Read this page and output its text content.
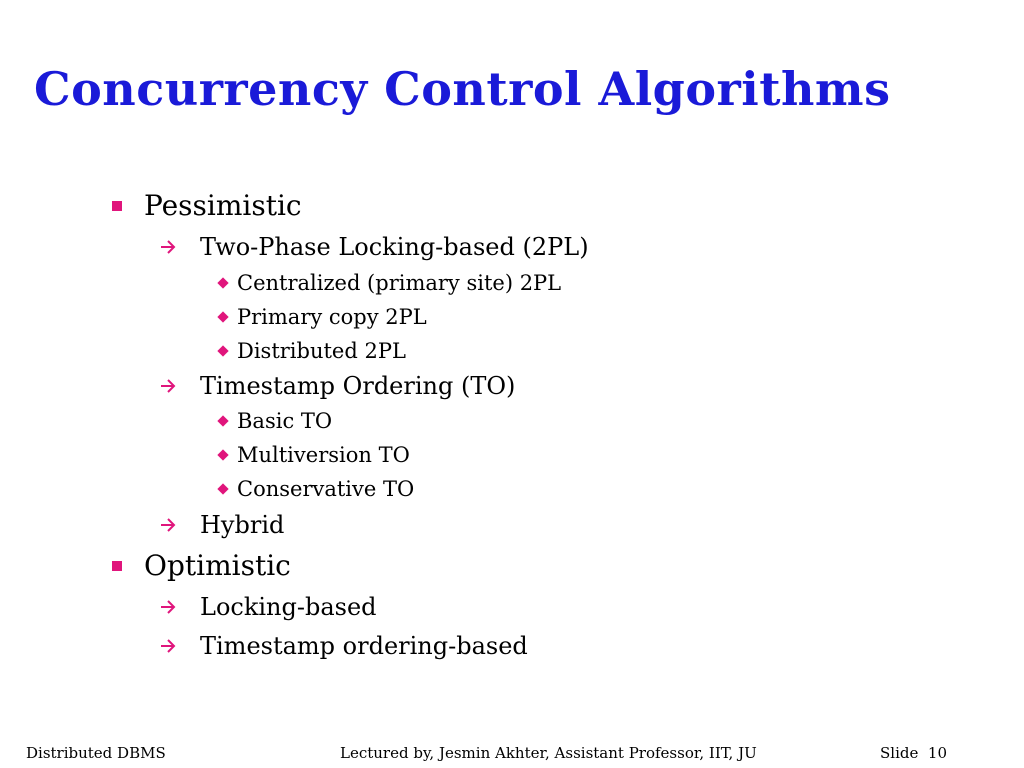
Concurrency Control Algorithms
Pessimistic
Two-Phase Locking-based (2PL)
Centralized (primary site) 2PL
Primary copy 2PL
Distributed 2PL
Timestamp Ordering (TO)
Basic TO
Multiversion TO
Conservative TO
Hybrid
Optimistic
Locking-based
Timestamp ordering-based
Distributed DBMS	Lectured by, Jesmin Akhter, Assistant Professor, IIT, JU	Slide 10
